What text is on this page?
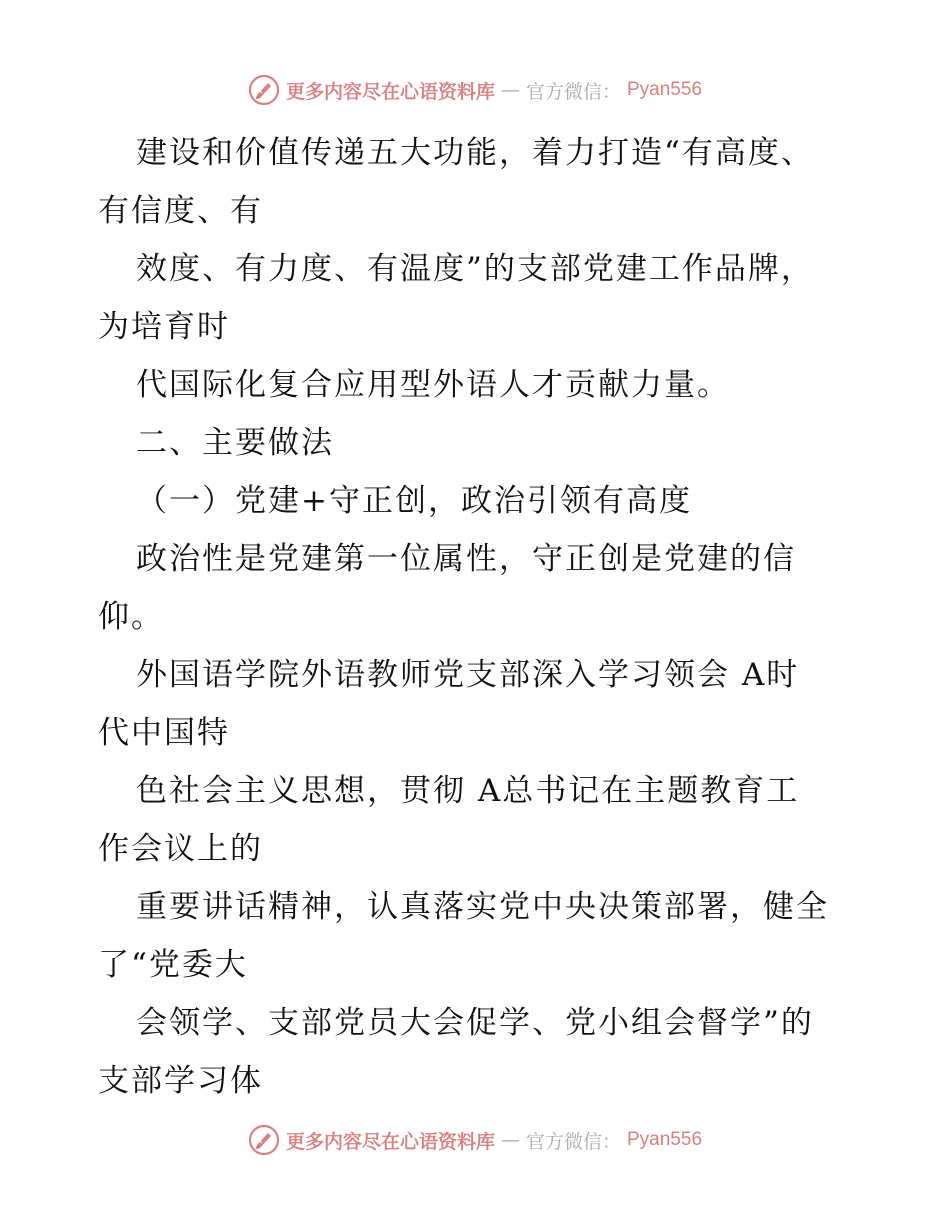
更多内容尽在心语资料库 — 官方微信： Pyan556

建设和价值传递五大功能，着力打造“有高度、

有信度、有

效度、有力度、有温度”的支部党建工作品牌，

为培育时

代国际化复合应用型外语人才贡献力量。

二、主要做法

（一）党建+守正创，政治引领有高度

政治性是党建第一位属性，守正创是党建的信

仰。

外国语学院外语教师党支部深入学习领会 A时

代中国特

色社会主义思想，贯彻 A总书记在主题教育工

作会议上的

重要讲话精神，认真落实党中央决策部署，健全

了“党委大

会领学、支部党员大会促学、党小组会督学”的

支部学习体

更多内容尽在心语资料库 — 官方微信： Pyan556
